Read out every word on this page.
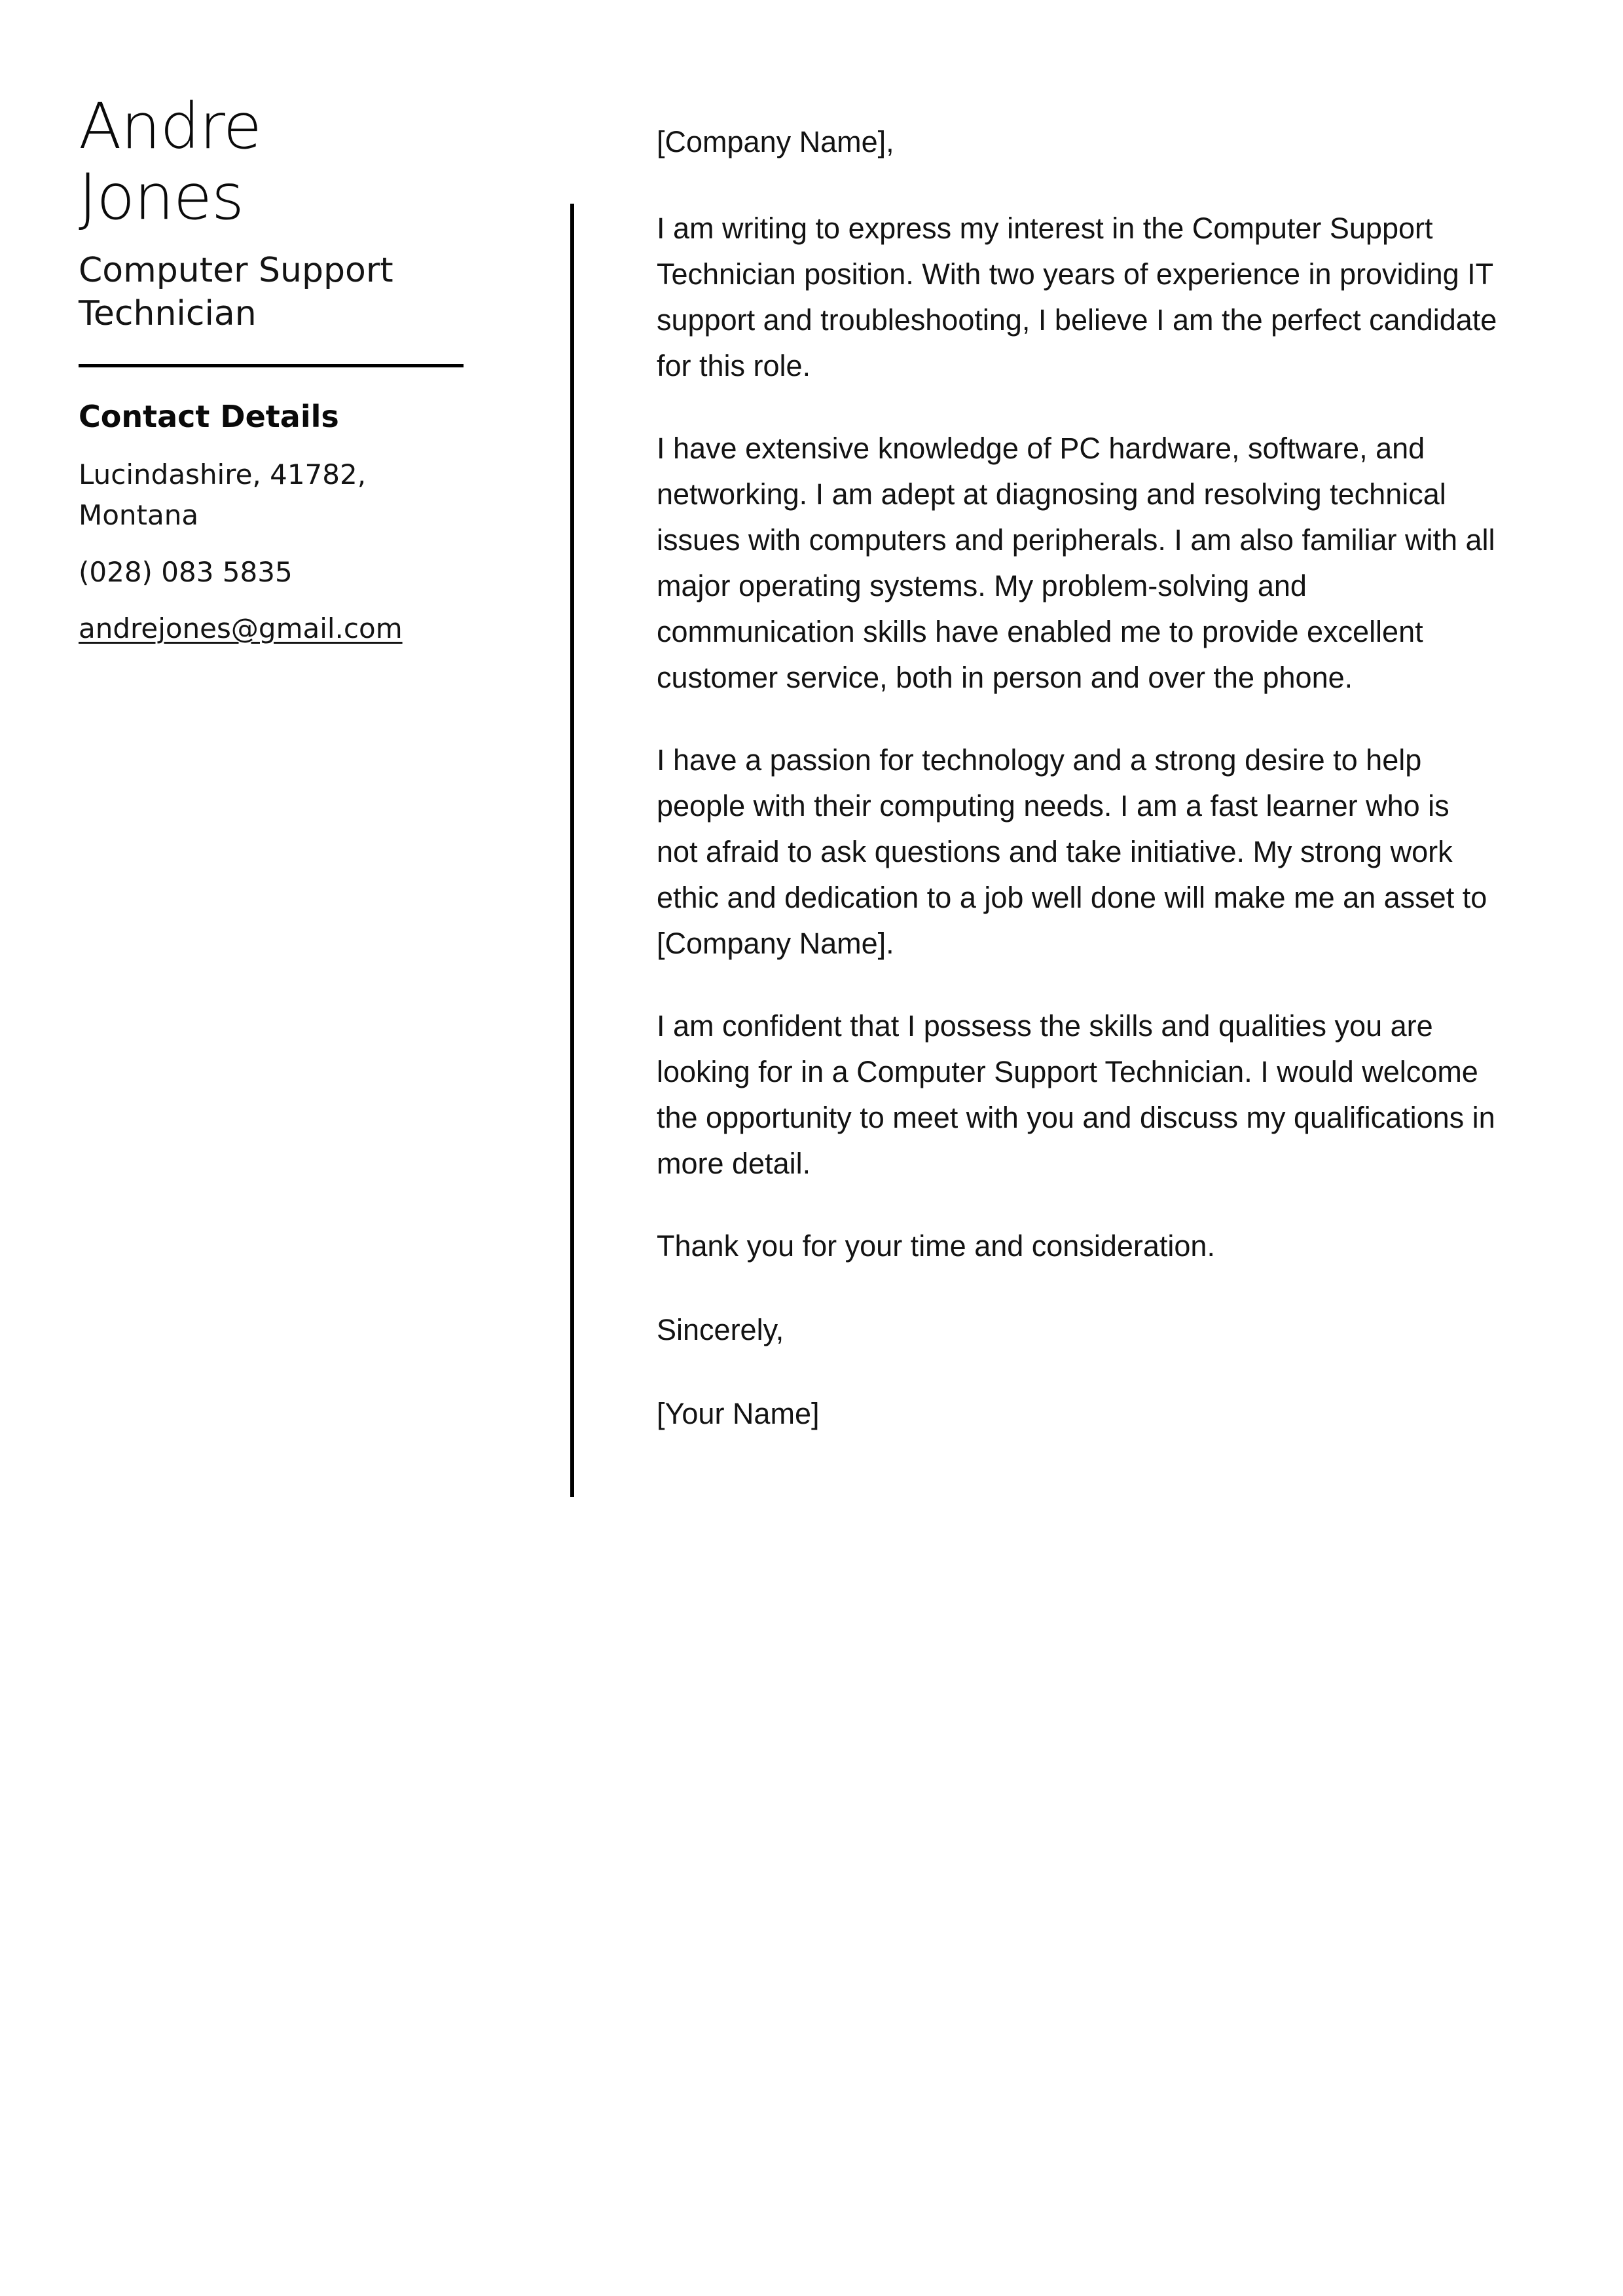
Andre
Jones
Computer Support Technician
Contact Details
Lucindashire, 41782, Montana
(028) 083 5835
andrejones@gmail.com

[Company Name],

I am writing to express my interest in the Computer Support Technician position. With two years of experience in providing IT support and troubleshooting, I believe I am the perfect candidate for this role.

I have extensive knowledge of PC hardware, software, and networking. I am adept at diagnosing and resolving technical issues with computers and peripherals. I am also familiar with all major operating systems. My problem-solving and communication skills have enabled me to provide excellent customer service, both in person and over the phone.

I have a passion for technology and a strong desire to help people with their computing needs. I am a fast learner who is not afraid to ask questions and take initiative. My strong work ethic and dedication to a job well done will make me an asset to [Company Name].

I am confident that I possess the skills and qualities you are looking for in a Computer Support Technician. I would welcome the opportunity to meet with you and discuss my qualifications in more detail.

Thank you for your time and consideration.

Sincerely,

[Your Name]
